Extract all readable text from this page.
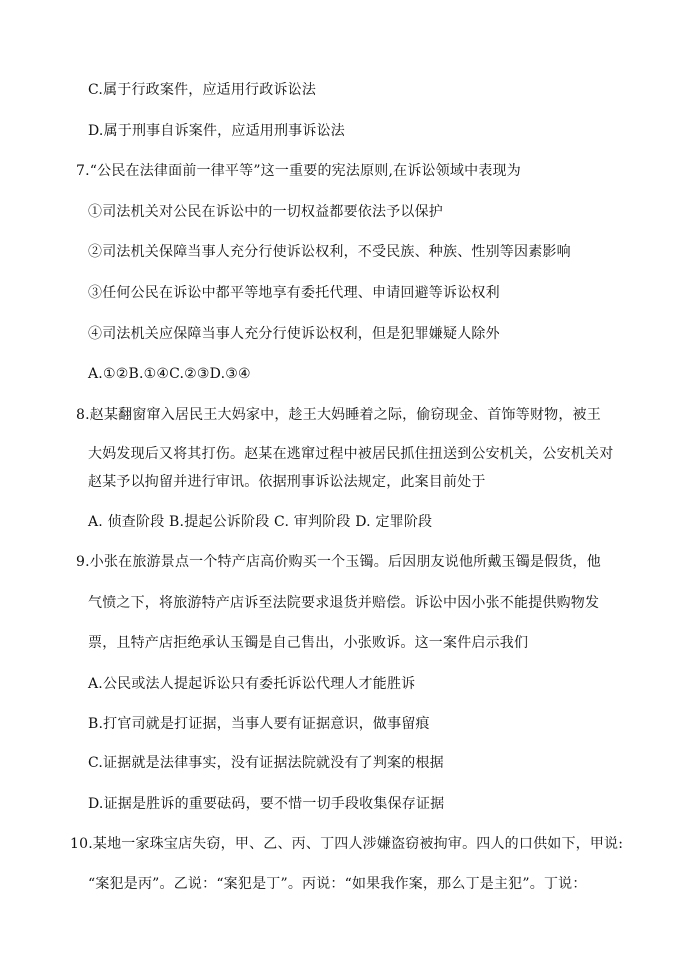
C.属于行政案件，应适用行政诉讼法
D.属于刑事自诉案件，应适用刑事诉讼法
7.“公民在法律面前一律平等”这一重要的宪法原则,在诉讼领域中表现为
①司法机关对公民在诉讼中的一切权益都要依法予以保护
②司法机关保障当事人充分行使诉讼权利，不受民族、种族、性别等因素影响
③任何公民在诉讼中都平等地享有委托代理、申请回避等诉讼权利
④司法机关应保障当事人充分行使诉讼权利，但是犯罪嫌疑人除外
A.①②B.①④C.②③D.③④
8.赵某翻窗窜入居民王大妈家中，趁王大妈睡着之际，偷窃现金、首饰等财物，被王
大妈发现后又将其打伤。赵某在逃窜过程中被居民抓住扭送到公安机关，公安机关对
赵某予以拘留并进行审讯。依据刑事诉讼法规定，此案目前处于
A. 侦查阶段 B.提起公诉阶段 C. 审判阶段 D. 定罪阶段
9.小张在旅游景点一个特产店高价购买一个玉镯。后因朋友说他所戴玉镯是假货，他
气愤之下，将旅游特产店诉至法院要求退货并赔偿。诉讼中因小张不能提供购物发
票，且特产店拒绝承认玉镯是自己售出，小张败诉。这一案件启示我们
A.公民或法人提起诉讼只有委托诉讼代理人才能胜诉
B.打官司就是打证据，当事人要有证据意识，做事留痕
C.证据就是法律事实，没有证据法院就没有了判案的根据
D.证据是胜诉的重要砝码，要不惜一切手段收集保存证据
10.某地一家珠宝店失窃，甲、乙、丙、丁四人涉嫌盗窃被拘审。四人的口供如下，甲说:
“案犯是丙”。乙说：“案犯是丁”。丙说：“如果我作案，那么丁是主犯”。丁说：
